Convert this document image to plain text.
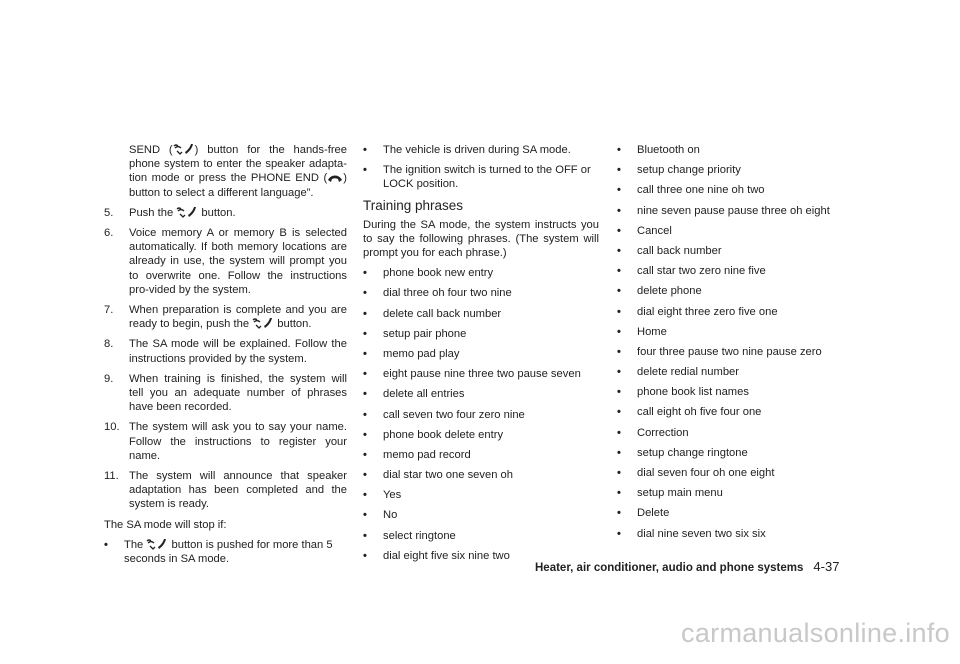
SEND ( ) button for the hands-free phone system to enter the speaker adapta-tion mode or press the PHONE END ( ) button to select a different language”.

5.	Push the	button.
6.	Voice memory A or memory B is selected automatically. If both memory locations are already in use, the system will prompt you to overwrite one. Follow the instructions pro-vided by the system.
7.	When preparation is complete and you are ready to begin, push the	button.
8.	The SA mode will be explained. Follow the instructions provided by the system.
9.	When training is finished, the system will tell you an adequate number of phrases have been recorded.
10. The system will ask you to say your name. Follow the instructions to register your name.
11. The system will announce that speaker adaptation has been completed and the system is ready.

The SA mode will stop if:

•	The	button is pushed for more than 5 seconds in SA mode.
•	The vehicle is driven during SA mode.
•	The ignition switch is turned to the OFF or LOCK position.
Training phrases

During the SA mode, the system instructs you to say the following phrases. (The system will prompt you for each phrase.)

•	phone book new entry
•	dial three oh four two nine
•	delete call back number
•	setup pair phone
•	memo pad play
•	eight pause nine three two pause seven
•	delete all entries
•	call seven two four zero nine
•	phone book delete entry
•	memo pad record
•	dial star two one seven oh
•	Yes
•	No
•	select ringtone
•	dial eight five six nine two
•	Bluetooth on
•	setup change priority
•	call three one nine oh two
•	nine seven pause pause three oh eight
•	Cancel
•	call back number
•	call star two zero nine five
•	delete phone
•	dial eight three zero five one
•	Home
•	four three pause two nine pause zero
•	delete redial number
•	phone book list names
•	call eight oh five four one
•	Correction
•	setup change ringtone
•	dial seven four oh one eight
•	setup main menu
•	Delete
•	dial nine seven two six six
Heater, air conditioner, audio and phone systems 4-37
carmanualsonline.info
